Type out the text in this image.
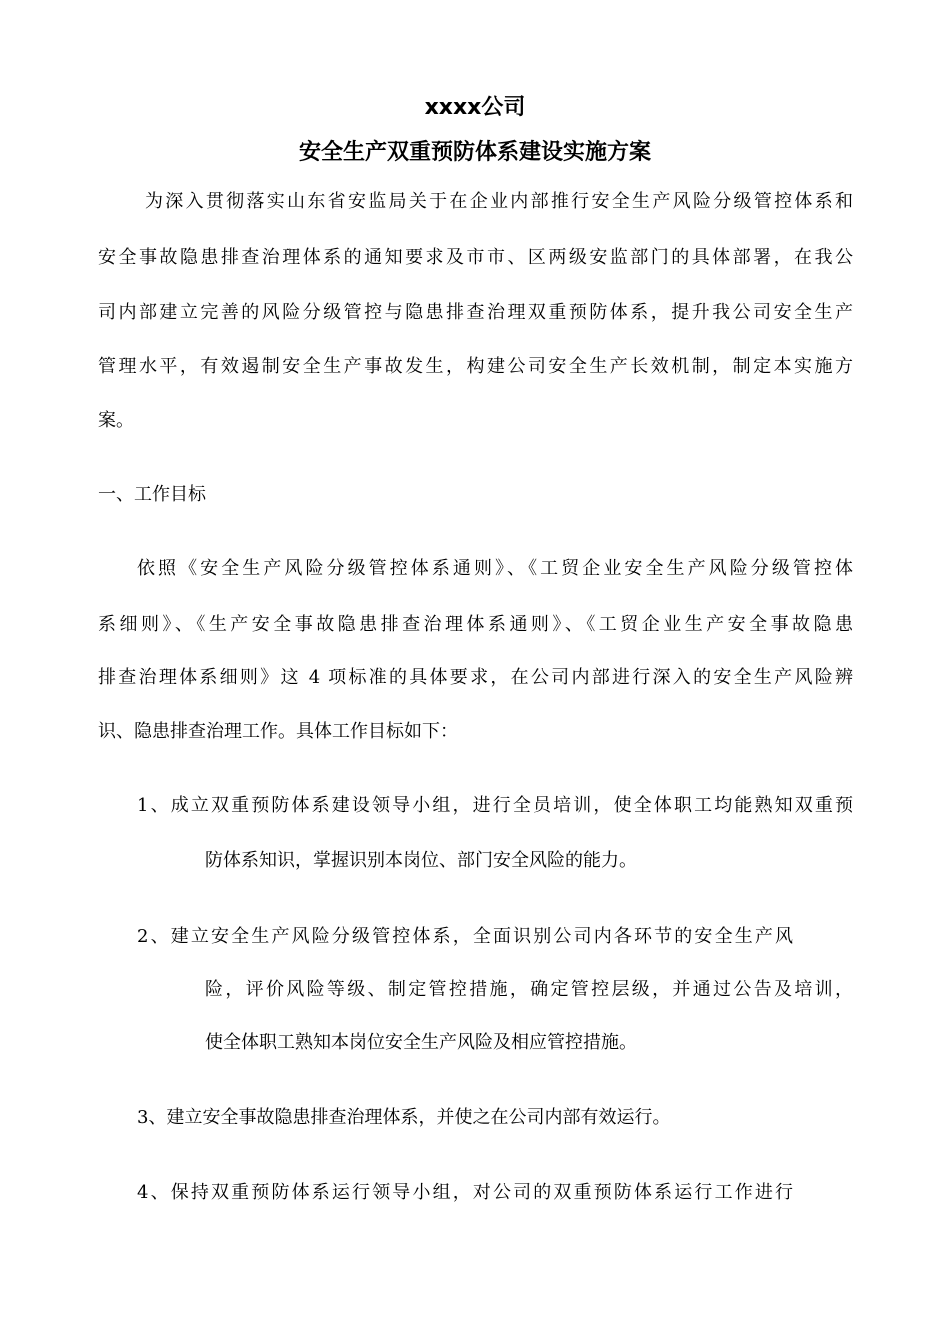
xxxx公司
安全生产双重预防体系建设实施方案
为深入贯彻落实山东省安监局关于在企业内部推行安全生产风险分级管控体系和
安全事故隐患排查治理体系的通知要求及市市、区两级安监部门的具体部署，在我公
司内部建立完善的风险分级管控与隐患排查治理双重预防体系，提升我公司安全生产
管理水平，有效遏制安全生产事故发生，构建公司安全生产长效机制，制定本实施方
案。
一、工作目标
依照《安全生产风险分级管控体系通则》、《工贸企业安全生产风险分级管控体
系细则》、《生产安全事故隐患排查治理体系通则》、《工贸企业生产安全事故隐患
排查治理体系细则》这 4 项标准的具体要求，在公司内部进行深入的安全生产风险辨
识、隐患排查治理工作。具体工作目标如下：
1、成立双重预防体系建设领导小组，进行全员培训，使全体职工均能熟知双重预
防体系知识，掌握识别本岗位、部门安全风险的能力。
2、建立安全生产风险分级管控体系，全面识别公司内各环节的安全生产风
险，评价风险等级、制定管控措施，确定管控层级，并通过公告及培训，
使全体职工熟知本岗位安全生产风险及相应管控措施。
3、建立安全事故隐患排查治理体系，并使之在公司内部有效运行。
4、保持双重预防体系运行领导小组，对公司的双重预防体系运行工作进行
